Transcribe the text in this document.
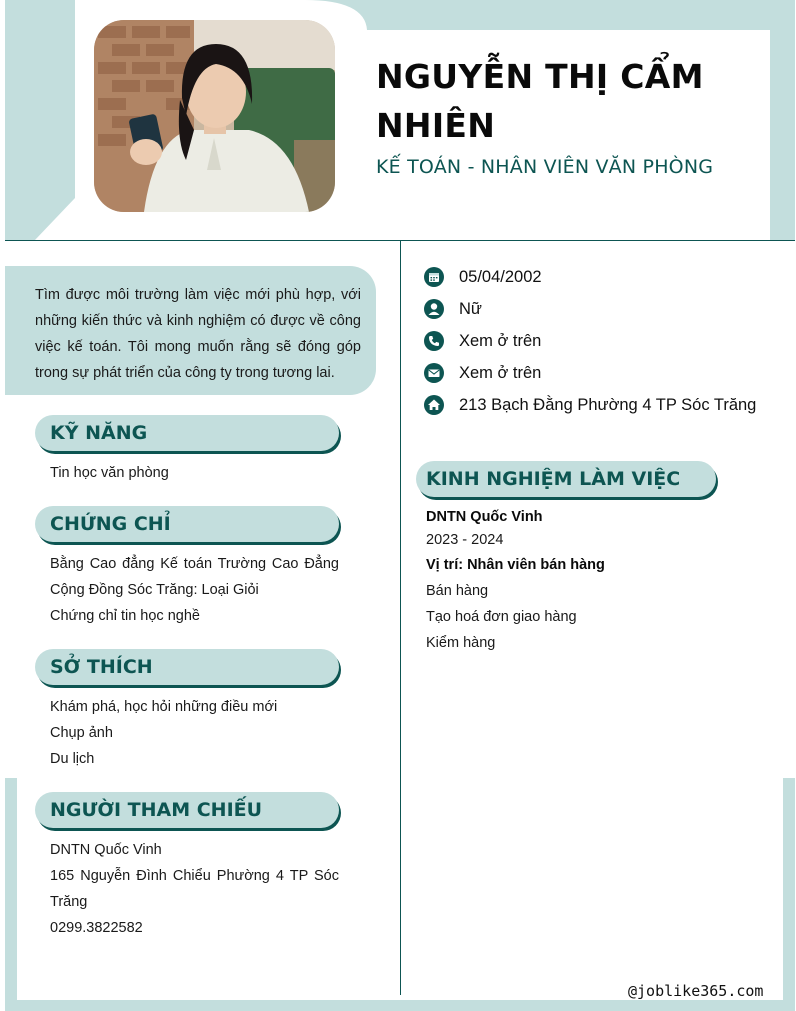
NGUYỄN THỊ CẨM
NHIÊN
KẾ TOÁN - NHÂN VIÊN VĂN PHÒNG
Tìm được môi trường làm việc mới phù hợp, với những kiến thức và kinh nghiệm có được về công việc kế toán. Tôi mong muốn rằng sẽ đóng góp trong sự phát triển của công ty trong tương lai.
KỸ NĂNG
Tin học văn phòng
CHỨNG CHỈ
Bằng Cao đẳng Kế toán Trường Cao Đẳng Cộng Đồng Sóc Trăng: Loại Giỏi
Chứng chỉ tin học nghề
SỞ THÍCH
Khám phá, học hỏi những điều mới
Chụp ảnh
Du lịch
NGƯỜI THAM CHIẾU
DNTN Quốc Vinh
165 Nguyễn Đình Chiểu Phường 4 TP Sóc Trăng
0299.3822582
05/04/2002
Nữ
Xem ở trên
Xem ở trên
213 Bạch Đằng Phường 4 TP Sóc Trăng
KINH NGHIỆM LÀM VIỆC
DNTN Quốc Vinh
2023 - 2024
Vị trí: Nhân viên bán hàng
Bán hàng
Tạo hoá đơn giao hàng
Kiểm hàng
@joblike365.com
